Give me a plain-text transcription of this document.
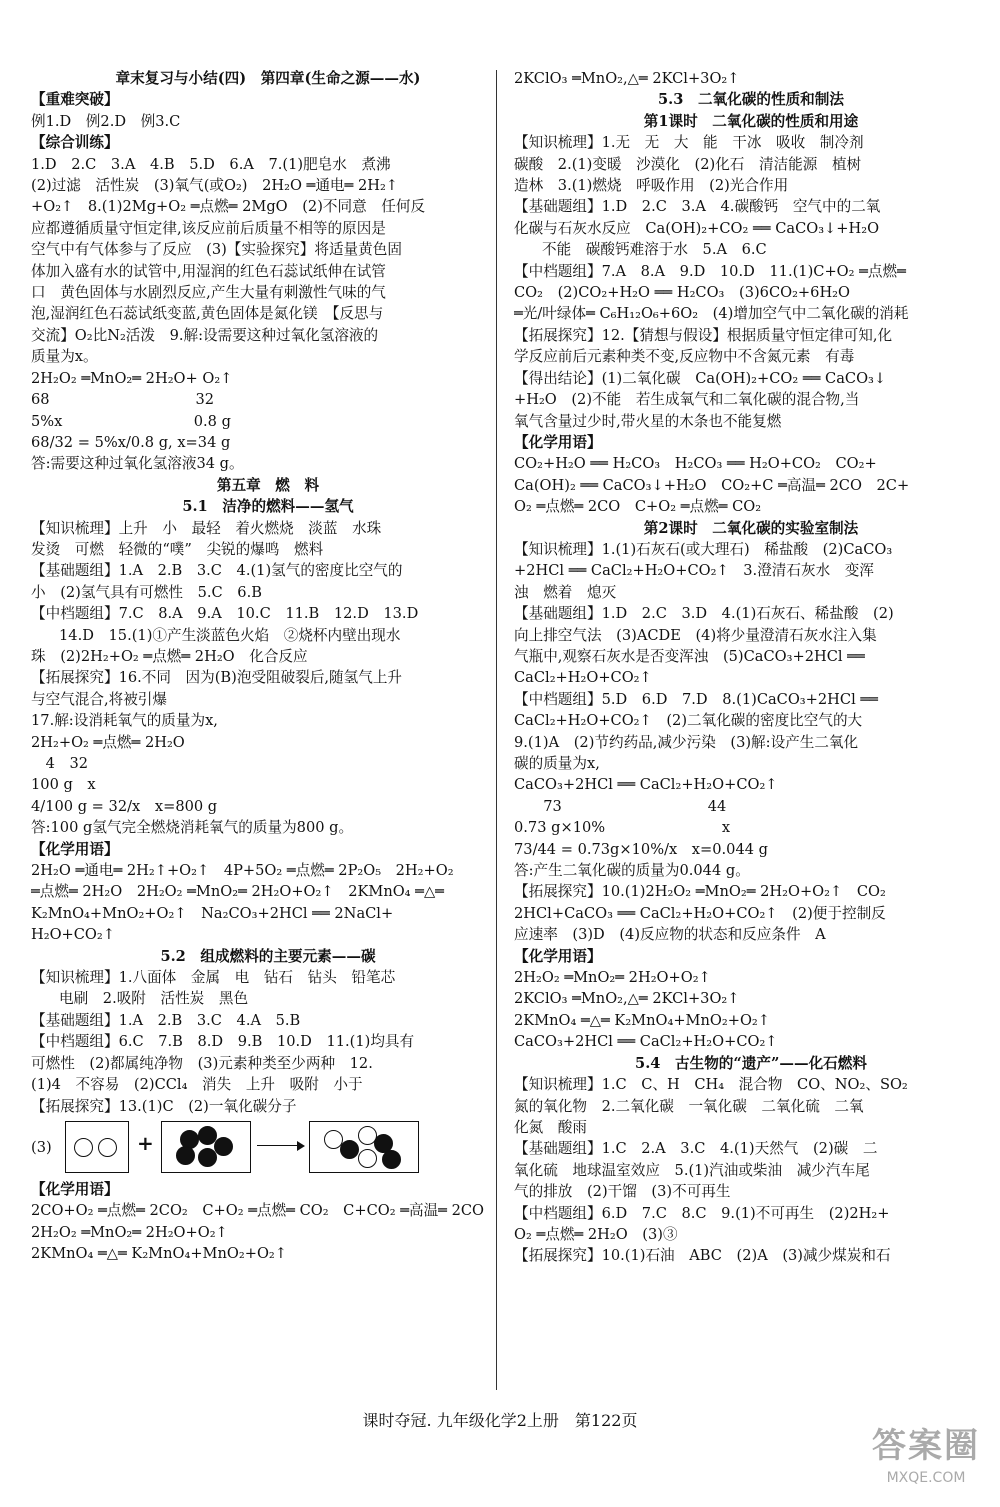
章末复习与小结(四)　第四章(生命之源——水)
【重难突破】
例1.D　例2.D　例3.C
【综合训练】
1.D　2.C　3.A　4.B　5.D　6.A　7.(1)肥皂水　煮沸
(2)过滤　活性炭　(3)氧气(或O₂)　2H₂O ═通电═ 2H₂↑
+O₂↑　8.(1)2Mg+O₂ ═点燃═ 2MgO　(2)不同意　任何反
应都遵循质量守恒定律,该反应前后质量不相等的原因是
空气中有气体参与了反应　(3)【实验探究】将适量黄色固
体加入盛有水的试管中,用湿润的红色石蕊试纸伸在试管
口　黄色固体与水剧烈反应,产生大量有刺激性气味的气
泡,湿润红色石蕊试纸变蓝,黄色固体是氮化镁　【反思与
交流】O₂比N₂活泼　9.解:设需要这种过氧化氢溶液的
质量为x。
2H₂O₂ ═MnO₂═ 2H₂O+ O₂↑
68　　　　　　　　　　32
5%x　　　　　　　　　0.8 g
68/32 = 5%x/0.8 g, x=34 g
答:需要这种过氧化氢溶液34 g。
第五章　燃　料
5.1　洁净的燃料——氢气
【知识梳理】上升　小　最轻　着火燃烧　淡蓝　水珠
发烫　可燃　轻微的“噗”　尖锐的爆鸣　燃料
【基础题组】1.A　2.B　3.C　4.(1)氢气的密度比空气的
小　(2)氢气具有可燃性　5.C　6.B
【中档题组】7.C　8.A　9.A　10.C　11.B　12.D　13.D
14.D　15.(1)①产生淡蓝色火焰　②烧杯内壁出现水
珠　(2)2H₂+O₂ ═点燃═ 2H₂O　化合反应
【拓展探究】16.不同　因为(B)泡受阻破裂后,随氢气上升
与空气混合,将被引爆
17.解:设消耗氧气的质量为x,
2H₂+O₂ ═点燃═ 2H₂O
　4　32
100 g　x
4/100 g = 32/x　x=800 g
答:100 g氢气完全燃烧消耗氧气的质量为800 g。
【化学用语】
2H₂O ═通电═ 2H₂↑+O₂↑　4P+5O₂ ═点燃═ 2P₂O₅　2H₂+O₂
═点燃═ 2H₂O　2H₂O₂ ═MnO₂═ 2H₂O+O₂↑　2KMnO₄ ═△═
K₂MnO₄+MnO₂+O₂↑　Na₂CO₃+2HCl ══ 2NaCl+
H₂O+CO₂↑
5.2　组成燃料的主要元素——碳
【知识梳理】1.八面体　金属　电　钻石　钻头　铅笔芯
电刷　2.吸附　活性炭　黑色
【基础题组】1.A　2.B　3.C　4.A　5.B
【中档题组】6.C　7.B　8.D　9.B　10.D　11.(1)均具有
可燃性　(2)都属纯净物　(3)元素种类至少两种　12.
(1)4　不容易　(2)CCl₄　消失　上升　吸附　小于
【拓展探究】13.(1)C　(2)一氧化碳分子
(3)	+
【化学用语】
2CO+O₂ ═点燃═ 2CO₂　C+O₂ ═点燃═ CO₂　C+CO₂ ═高温═ 2CO
2H₂O₂ ═MnO₂═ 2H₂O+O₂↑
2KMnO₄ ═△═ K₂MnO₄+MnO₂+O₂↑
2KClO₃ ═MnO₂,△═ 2KCl+3O₂↑
5.3　二氧化碳的性质和制法
第1课时　二氧化碳的性质和用途
【知识梳理】1.无　无　大　能　干冰　吸收　制冷剂
碳酸　2.(1)变暖　沙漠化　(2)化石　清洁能源　植树
造林　3.(1)燃烧　呼吸作用　(2)光合作用
【基础题组】1.D　2.C　3.A　4.碳酸钙　空气中的二氧
化碳与石灰水反应　Ca(OH)₂+CO₂ ══ CaCO₃↓+H₂O
不能　碳酸钙难溶于水　5.A　6.C
【中档题组】7.A　8.A　9.D　10.D　11.(1)C+O₂ ═点燃═
CO₂　(2)CO₂+H₂O ══ H₂CO₃　(3)6CO₂+6H₂O
═光/叶绿体═ C₆H₁₂O₆+6O₂　(4)增加空气中二氧化碳的消耗
【拓展探究】12.【猜想与假设】根据质量守恒定律可知,化
学反应前后元素种类不变,反应物中不含氮元素　有毒
【得出结论】(1)二氧化碳　Ca(OH)₂+CO₂ ══ CaCO₃↓
+H₂O　(2)不能　若生成氧气和二氧化碳的混合物,当
氧气含量过少时,带火星的木条也不能复燃
【化学用语】
CO₂+H₂O ══ H₂CO₃　H₂CO₃ ══ H₂O+CO₂　CO₂+
Ca(OH)₂ ══ CaCO₃↓+H₂O　CO₂+C ═高温═ 2CO　2C+
O₂ ═点燃═ 2CO　C+O₂ ═点燃═ CO₂
第2课时　二氧化碳的实验室制法
【知识梳理】1.(1)石灰石(或大理石)　稀盐酸　(2)CaCO₃
+2HCl ══ CaCl₂+H₂O+CO₂↑　3.澄清石灰水　变浑
浊　燃着　熄灭
【基础题组】1.D　2.C　3.D　4.(1)石灰石、稀盐酸　(2)
向上排空气法　(3)ACDE　(4)将少量澄清石灰水注入集
气瓶中,观察石灰水是否变浑浊　(5)CaCO₃+2HCl ══
CaCl₂+H₂O+CO₂↑
【中档题组】5.D　6.D　7.D　8.(1)CaCO₃+2HCl ══
CaCl₂+H₂O+CO₂↑　(2)二氧化碳的密度比空气的大
9.(1)A　(2)节约药品,减少污染　(3)解:设产生二氧化
碳的质量为x,
CaCO₃+2HCl ══ CaCl₂+H₂O+CO₂↑
　　73　　　　　　　　　　44
0.73 g×10%　　　　　　　　x
73/44 = 0.73g×10%/x　x=0.044 g
答:产生二氧化碳的质量为0.044 g。
【拓展探究】10.(1)2H₂O₂ ═MnO₂═ 2H₂O+O₂↑　CO₂
2HCl+CaCO₃ ══ CaCl₂+H₂O+CO₂↑　(2)便于控制反
应速率　(3)D　(4)反应物的状态和反应条件　A
【化学用语】
2H₂O₂ ═MnO₂═ 2H₂O+O₂↑
2KClO₃ ═MnO₂,△═ 2KCl+3O₂↑
2KMnO₄ ═△═ K₂MnO₄+MnO₂+O₂↑
CaCO₃+2HCl ══ CaCl₂+H₂O+CO₂↑
5.4　古生物的“遗产”——化石燃料
【知识梳理】1.C　C、H　CH₄　混合物　CO、NO₂、SO₂
氮的氧化物　2.二氧化碳　一氧化碳　二氧化硫　二氧
化氮　酸雨
【基础题组】1.C　2.A　3.C　4.(1)天然气　(2)碳　二
氧化硫　地球温室效应　5.(1)汽油或柴油　减少汽车尾
气的排放　(2)干馏　(3)不可再生
【中档题组】6.D　7.C　8.C　9.(1)不可再生　(2)2H₂+
O₂ ═点燃═ 2H₂O　(3)③
【拓展探究】10.(1)石油　ABC　(2)A　(3)减少煤炭和石
课时夺冠. 九年级化学2上册　第122页
答案圈
MXQE.COM
